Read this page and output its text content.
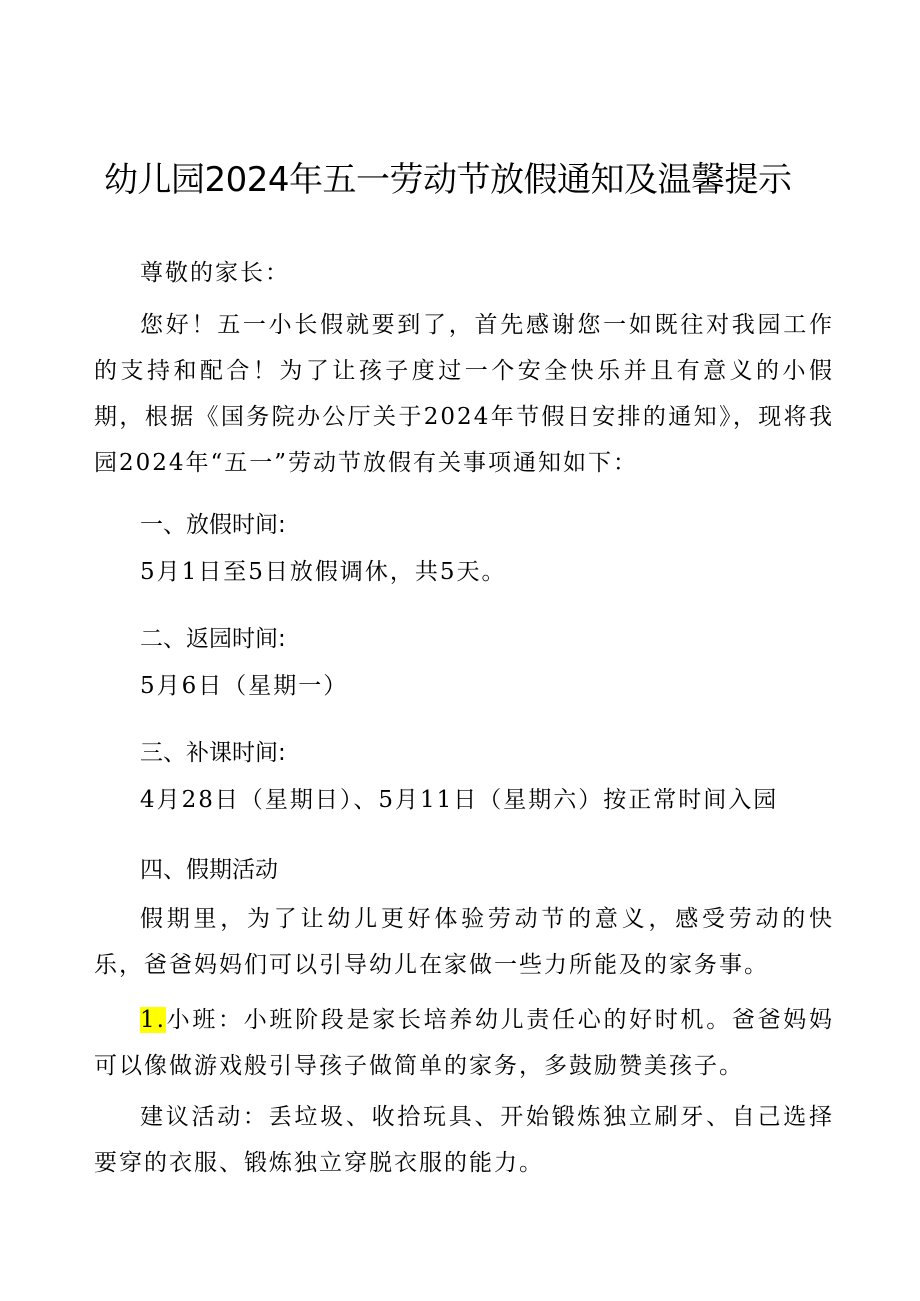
幼儿园2024年五一劳动节放假通知及温馨提示
尊敬的家长：
您好！五一小长假就要到了，首先感谢您一如既往对我园工作的支持和配合！为了让孩子度过一个安全快乐并且有意义的小假期，根据《国务院办公厅关于2024年节假日安排的通知》，现将我园2024年“五一”劳动节放假有关事项通知如下：
一、放假时间:
5月1日至5日放假调休，共5天。
二、返园时间:
5月6日（星期一）
三、补课时间:
4月28日（星期日）、5月11日（星期六）按正常时间入园
四、假期活动
假期里，为了让幼儿更好体验劳动节的意义，感受劳动的快乐，爸爸妈妈们可以引导幼儿在家做一些力所能及的家务事。
1.小班：小班阶段是家长培养幼儿责任心的好时机。爸爸妈妈可以像做游戏般引导孩子做简单的家务，多鼓励赞美孩子。
建议活动：丢垃圾、收拾玩具、开始锻炼独立刷牙、自己选择要穿的衣服、锻炼独立穿脱衣服的能力。
